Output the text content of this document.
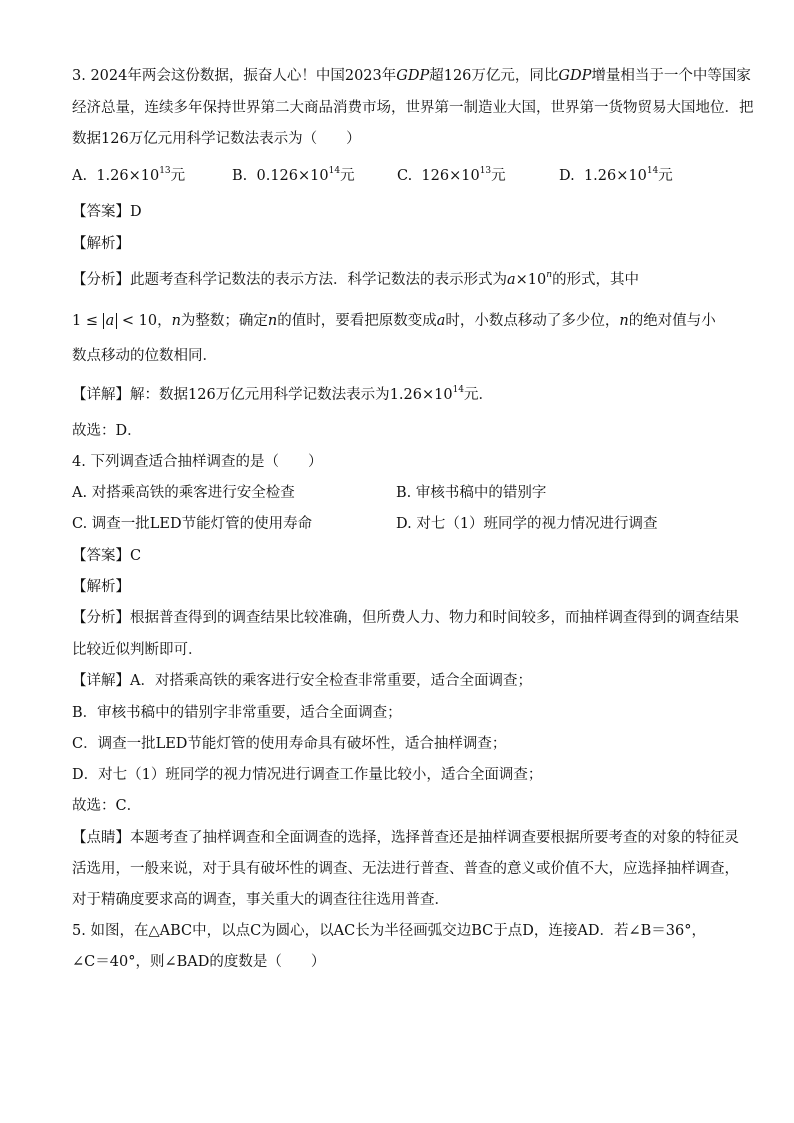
3. 2024年两会这份数据，振奋人心！中国2023年GDP超126万亿元，同比GDP增量相当于一个中等国家
经济总量，连续多年保持世界第二大商品消费市场，世界第一制造业大国，世界第一货物贸易大国地位．把
数据126万亿元用科学记数法表示为（　　）
A. $1.26\times 10^{13}$元	B. $0.126\times 10^{14}$元	C. $126\times 10^{13}$元	D. $1.26\times 10^{14}$元
【答案】D
【解析】
【分析】此题考查科学记数法的表示方法．科学记数法的表示形式为$a\times 10^n$的形式，其中
1 ≤ a < 10，n为整数；确定n的值时，要看把原数变成a时，小数点移动了多少位，n的绝对值与小
数点移动的位数相同．
【详解】解：数据126万亿元用科学记数法表示为$1.26\times 10^{14}$元．
故选：D．
4. 下列调查适合抽样调查的是（　　）
A. 对搭乘高铁的乘客进行安全检查	B. 审核书稿中的错别字
C. 调查一批LED节能灯管的使用寿命	D. 对七（1）班同学的视力情况进行调查
【答案】C
【解析】
【分析】根据普查得到的调查结果比较准确，但所费人力、物力和时间较多，而抽样调查得到的调查结果
比较近似判断即可．
【详解】A．对搭乘高铁的乘客进行安全检查非常重要，适合全面调查；
B．审核书稿中的错别字非常重要，适合全面调查；
C．调查一批LED节能灯管的使用寿命具有破坏性，适合抽样调查；
D．对七（1）班同学的视力情况进行调查工作量比较小，适合全面调查；
故选：C．
【点睛】本题考查了抽样调查和全面调查的选择，选择普查还是抽样调查要根据所要考查的对象的特征灵
活选用，一般来说，对于具有破坏性的调查、无法进行普查、普查的意义或价值不大，应选择抽样调查，
对于精确度要求高的调查，事关重大的调查往往选用普查．
5. 如图，在△ABC中，以点C为圆心，以AC长为半径画弧交边BC于点D，连接AD．若∠B＝36°，
∠C＝40°，则∠BAD的度数是（　　）
